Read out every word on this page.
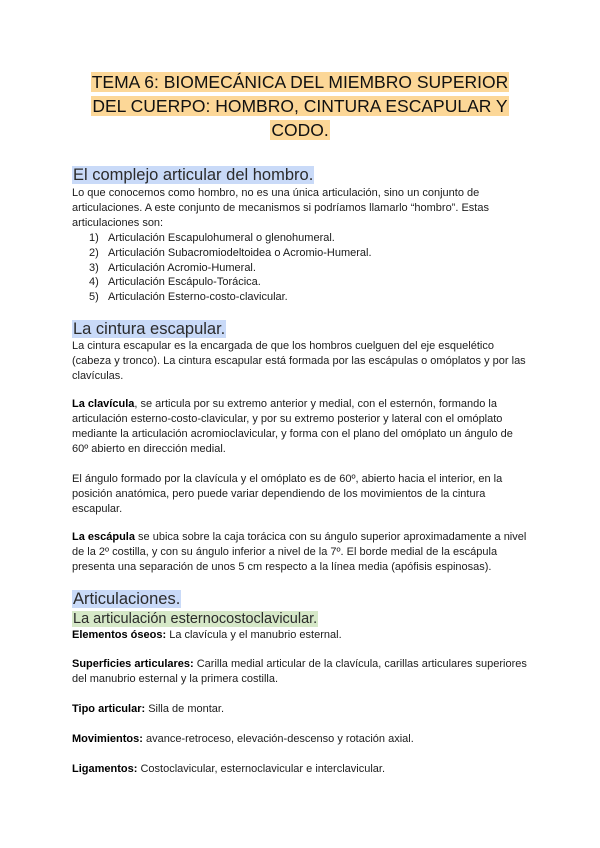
TEMA 6: BIOMECÁNICA DEL MIEMBRO SUPERIOR
DEL CUERPO: HOMBRO, CINTURA ESCAPULAR Y
CODO.
El complejo articular del hombro.
Lo que conocemos como hombro, no es una única articulación, sino un conjunto de articulaciones. A este conjunto de mecanismos si podríamos llamarlo “hombro”. Estas articulaciones son:
1) Articulación Escapulohumeral o glenohumeral.
2) Articulación Subacromiodeltoidea o Acromio-Humeral.
3) Articulación Acromio-Humeral.
4) Articulación Escápulo-Torácica.
5) Articulación Esterno-costo-clavicular.
La cintura escapular.
La cintura escapular es la encargada de que los hombros cuelguen del eje esquelético (cabeza y tronco). La cintura escapular está formada por las escápulas o omóplatos y por las clavículas.
La clavícula, se articula por su extremo anterior y medial, con el esternón, formando la articulación esterno-costo-clavicular, y por su extremo posterior y lateral con el omóplato mediante la articulación acromioclavicular, y forma con el plano del omóplato un ángulo de 60º abierto en dirección medial.
El ángulo formado por la clavícula y el omóplato es de 60º, abierto hacia el interior, en la posición anatómica, pero puede variar dependiendo de los movimientos de la cintura escapular.
La escápula se ubica sobre la caja torácica con su ángulo superior aproximadamente a nivel de la 2º costilla, y con su ángulo inferior a nivel de la 7º. El borde medial de la escápula presenta una separación de unos 5 cm respecto a la línea media (apófisis espinosas).
Articulaciones.
La articulación esternocostoclavicular.
Elementos óseos: La clavícula y el manubrio esternal.
Superficies articulares: Carilla medial articular de la clavícula, carillas articulares superiores del manubrio esternal y la primera costilla.
Tipo articular: Silla de montar.
Movimientos: avance-retroceso, elevación-descenso y rotación axial.
Ligamentos: Costoclavicular, esternoclavicular e interclavicular.
